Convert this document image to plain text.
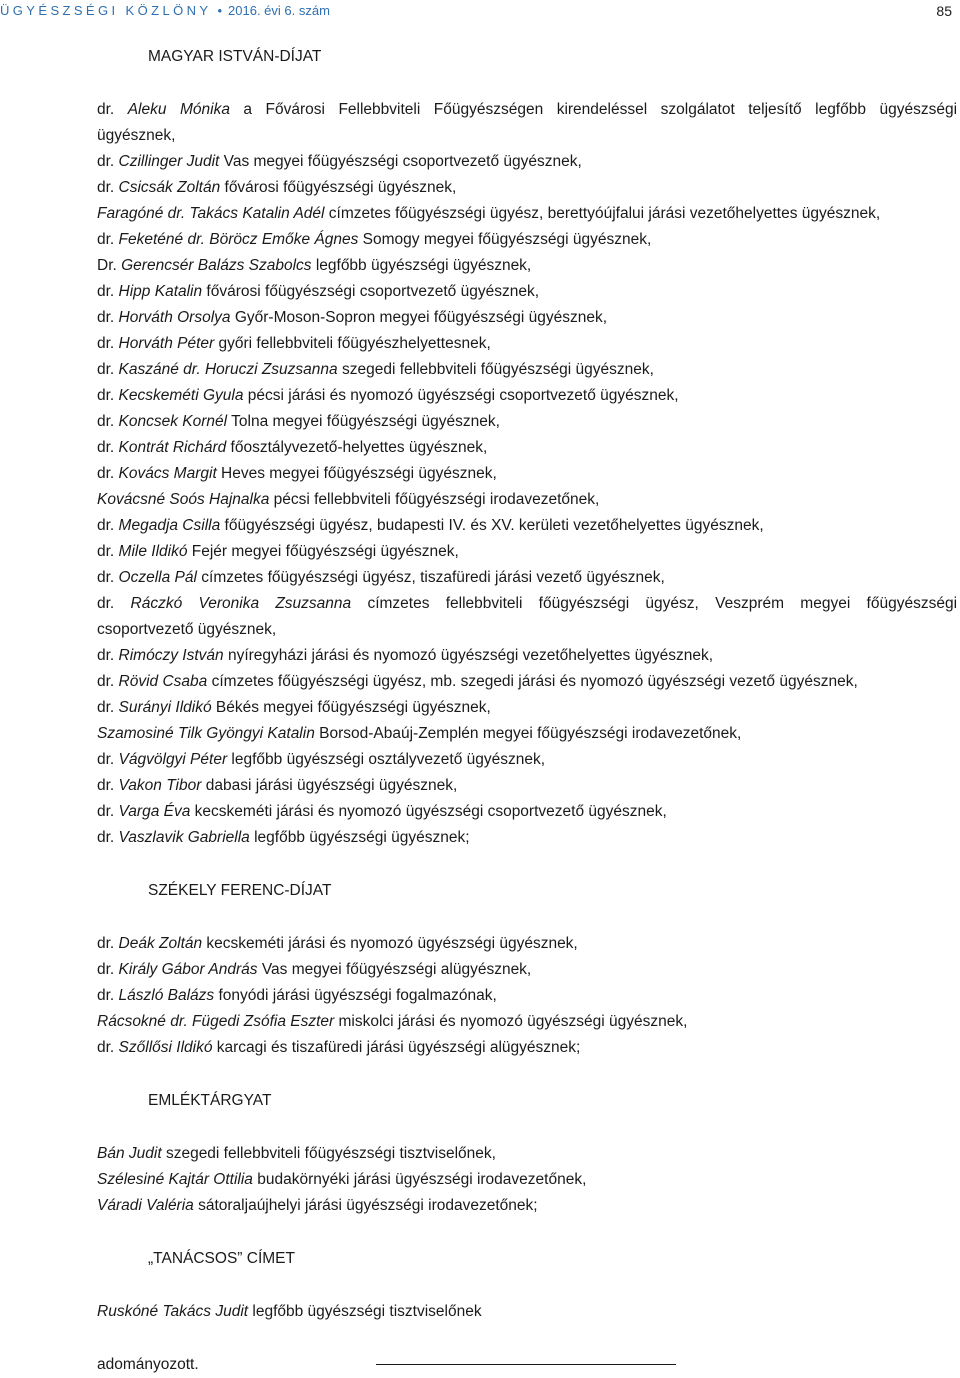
ÜGYÉSZSÉGI KÖZLÖNY • 2016. évi 6. szám	85
MAGYAR ISTVÁN-DÍJAT
dr. Aleku Mónika a Fővárosi Fellebbviteli Főügyészségen kirendeléssel szolgálatot teljesítő legfőbb ügyészségi
ügyésznek,
dr. Czillinger Judit Vas megyei főügyészségi csoportvezető ügyésznek,
dr. Csicsák Zoltán fővárosi főügyészségi ügyésznek,
Faragóné dr. Takács Katalin Adél címzetes főügyészségi ügyész, berettyóújfalui járási vezetőhelyettes ügyésznek,
dr. Feketéné dr. Böröcz Emőke Ágnes Somogy megyei főügyészségi ügyésznek,
Dr. Gerencsér Balázs Szabolcs legfőbb ügyészségi ügyésznek,
dr. Hipp Katalin fővárosi főügyészségi csoportvezető ügyésznek,
dr. Horváth Orsolya Győr-Moson-Sopron megyei főügyészségi ügyésznek,
dr. Horváth Péter győri fellebbviteli főügyészhelyettesnek,
dr. Kaszáné dr. Horuczi Zsuzsanna szegedi fellebbviteli főügyészségi ügyésznek,
dr. Kecskeméti Gyula pécsi járási és nyomozó ügyészségi csoportvezető ügyésznek,
dr. Koncsek Kornél Tolna megyei főügyészségi ügyésznek,
dr. Kontrát Richárd főosztályvezető-helyettes ügyésznek,
dr. Kovács Margit Heves megyei főügyészségi ügyésznek,
Kovácsné Soós Hajnalka pécsi fellebbviteli főügyészségi irodavezetőnek,
dr. Megadja Csilla főügyészségi ügyész, budapesti IV. és XV. kerületi vezetőhelyettes ügyésznek,
dr. Mile Ildikó Fejér megyei főügyészségi ügyésznek,
dr. Oczella Pál címzetes főügyészségi ügyész, tiszafüredi járási vezető ügyésznek,
dr. Ráczkó Veronika Zsuzsanna címzetes fellebbviteli főügyészségi ügyész, Veszprém megyei főügyészségi
csoportvezető ügyésznek,
dr. Rimóczy István nyíregyházi járási és nyomozó ügyészségi vezetőhelyettes ügyésznek,
dr. Rövid Csaba címzetes főügyészségi ügyész, mb. szegedi járási és nyomozó ügyészségi vezető ügyésznek,
dr. Surányi Ildikó Békés megyei főügyészségi ügyésznek,
Szamosiné Tilk Gyöngyi Katalin Borsod-Abaúj-Zemplén megyei főügyészségi irodavezetőnek,
dr. Vágvölgyi Péter legfőbb ügyészségi osztályvezető ügyésznek,
dr. Vakon Tibor dabasi járási ügyészségi ügyésznek,
dr. Varga Éva kecskeméti járási és nyomozó ügyészségi csoportvezető ügyésznek,
dr. Vaszlavik Gabriella legfőbb ügyészségi ügyésznek;
SZÉKELY FERENC-DÍJAT
dr. Deák Zoltán kecskeméti járási és nyomozó ügyészségi ügyésznek,
dr. Király Gábor András Vas megyei főügyészségi alügyésznek,
dr. László Balázs fonyódi járási ügyészségi fogalmazónak,
Rácsokné dr. Fügedi Zsófia Eszter miskolci járási és nyomozó ügyészségi ügyésznek,
dr. Szőllősi Ildikó karcagi és tiszafüredi járási ügyészségi alügyésznek;
EMLÉKTÁRGYAT
Bán Judit szegedi fellebbviteli főügyészségi tisztviselőnek,
Szélesiné Kajtár Ottilia budakörnyéki járási ügyészségi irodavezetőnek,
Váradi Valéria sátoraljaújhelyi járási ügyészségi irodavezetőnek;
„TANÁCSOS” CÍMET
Ruskóné Takács Judit legfőbb ügyészségi tisztviselőnek
adományozott.
